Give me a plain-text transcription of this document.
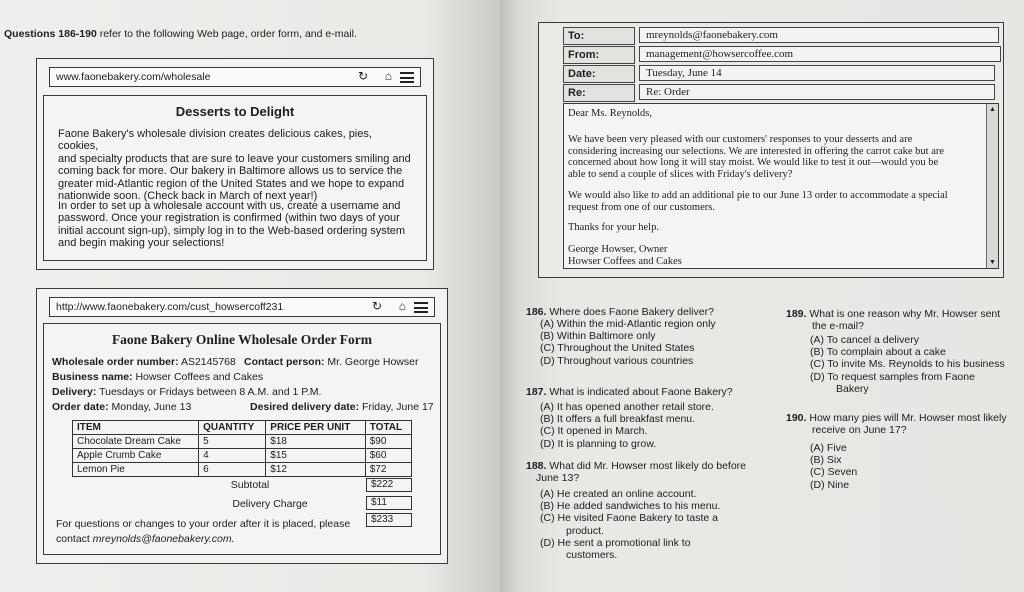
Questions 186-190 refer to the following Web page, order form, and e-mail.
www.faonebakery.com/wholesale	↻ ⌂
Desserts to Delight
Faone Bakery's wholesale division creates delicious cakes, pies, cookies,
and specialty products that are sure to leave your customers smiling and
coming back for more. Our bakery in Baltimore allows us to service the
greater mid-Atlantic region of the United States and we hope to expand
nationwide soon. (Check back in March of next year!)
In order to set up a wholesale account with us, create a username and
password. Once your registration is confirmed (within two days of your
initial account sign-up), simply log in to the Web-based ordering system
and begin making your selections!
http://www.faonebakery.com/cust_howsercoff231	↻ ⌂
Faone Bakery Online Wholesale Order Form
Wholesale order number: AS2145768 Contact person: Mr. George Howser
Business name: Howser Coffees and Cakes
Delivery: Tuesdays or Fridays between 8 A.M. and 1 P.M.
Order date: Monday, June 13	Desired delivery date: Friday, June 17
ITEM	QUANTITY	PRICE PER UNIT	TOTAL
Chocolate Dream Cake	5	$18	$90
Apple Crumb Cake	4	$15	$60
Lemon Pie	6	$12	$72
Subtotal	$222
Delivery Charge	$11
$233
For questions or changes to your order after it is placed, please
contact mreynolds@faonebakery.com.
To:	mreynolds@faonebakery.com
From:	management@howsercoffee.com
Date:	Tuesday, June 14
Re:	Re: Order
Dear Ms. Reynolds,
We have been very pleased with our customers' responses to your desserts and are
considering increasing our selections. We are interested in offering the carrot cake but are
concerned about how long it will stay moist. We would like to test it out—would you be
able to send a couple of slices with Friday's delivery?
We would also like to add an additional pie to our June 13 order to accommodate a special
request from one of our customers.
Thanks for your help.
George Howser, Owner
Howser Coffees and Cakes
▲
▼
186. Where does Faone Bakery deliver?
(A) Within the mid-Atlantic region only
(B) Within Baltimore only
(C) Throughout the United States
(D) Throughout various countries
187. What is indicated about Faone Bakery?
(A) It has opened another retail store.
(B) It offers a full breakfast menu.
(C) It opened in March.
(D) It is planning to grow.
188. What did Mr. Howser most likely do before
June 13?
(A) He created an online account.
(B) He added sandwiches to his menu.
(C) He visited Faone Bakery to taste a
product.
(D) He sent a promotional link to
customers.
189. What is one reason why Mr. Howser sent
the e-mail?
(A) To cancel a delivery
(B) To complain about a cake
(C) To invite Ms. Reynolds to his business
(D) To request samples from Faone
Bakery
190. How many pies will Mr. Howser most likely
receive on June 17?
(A) Five
(B) Six
(C) Seven
(D) Nine
